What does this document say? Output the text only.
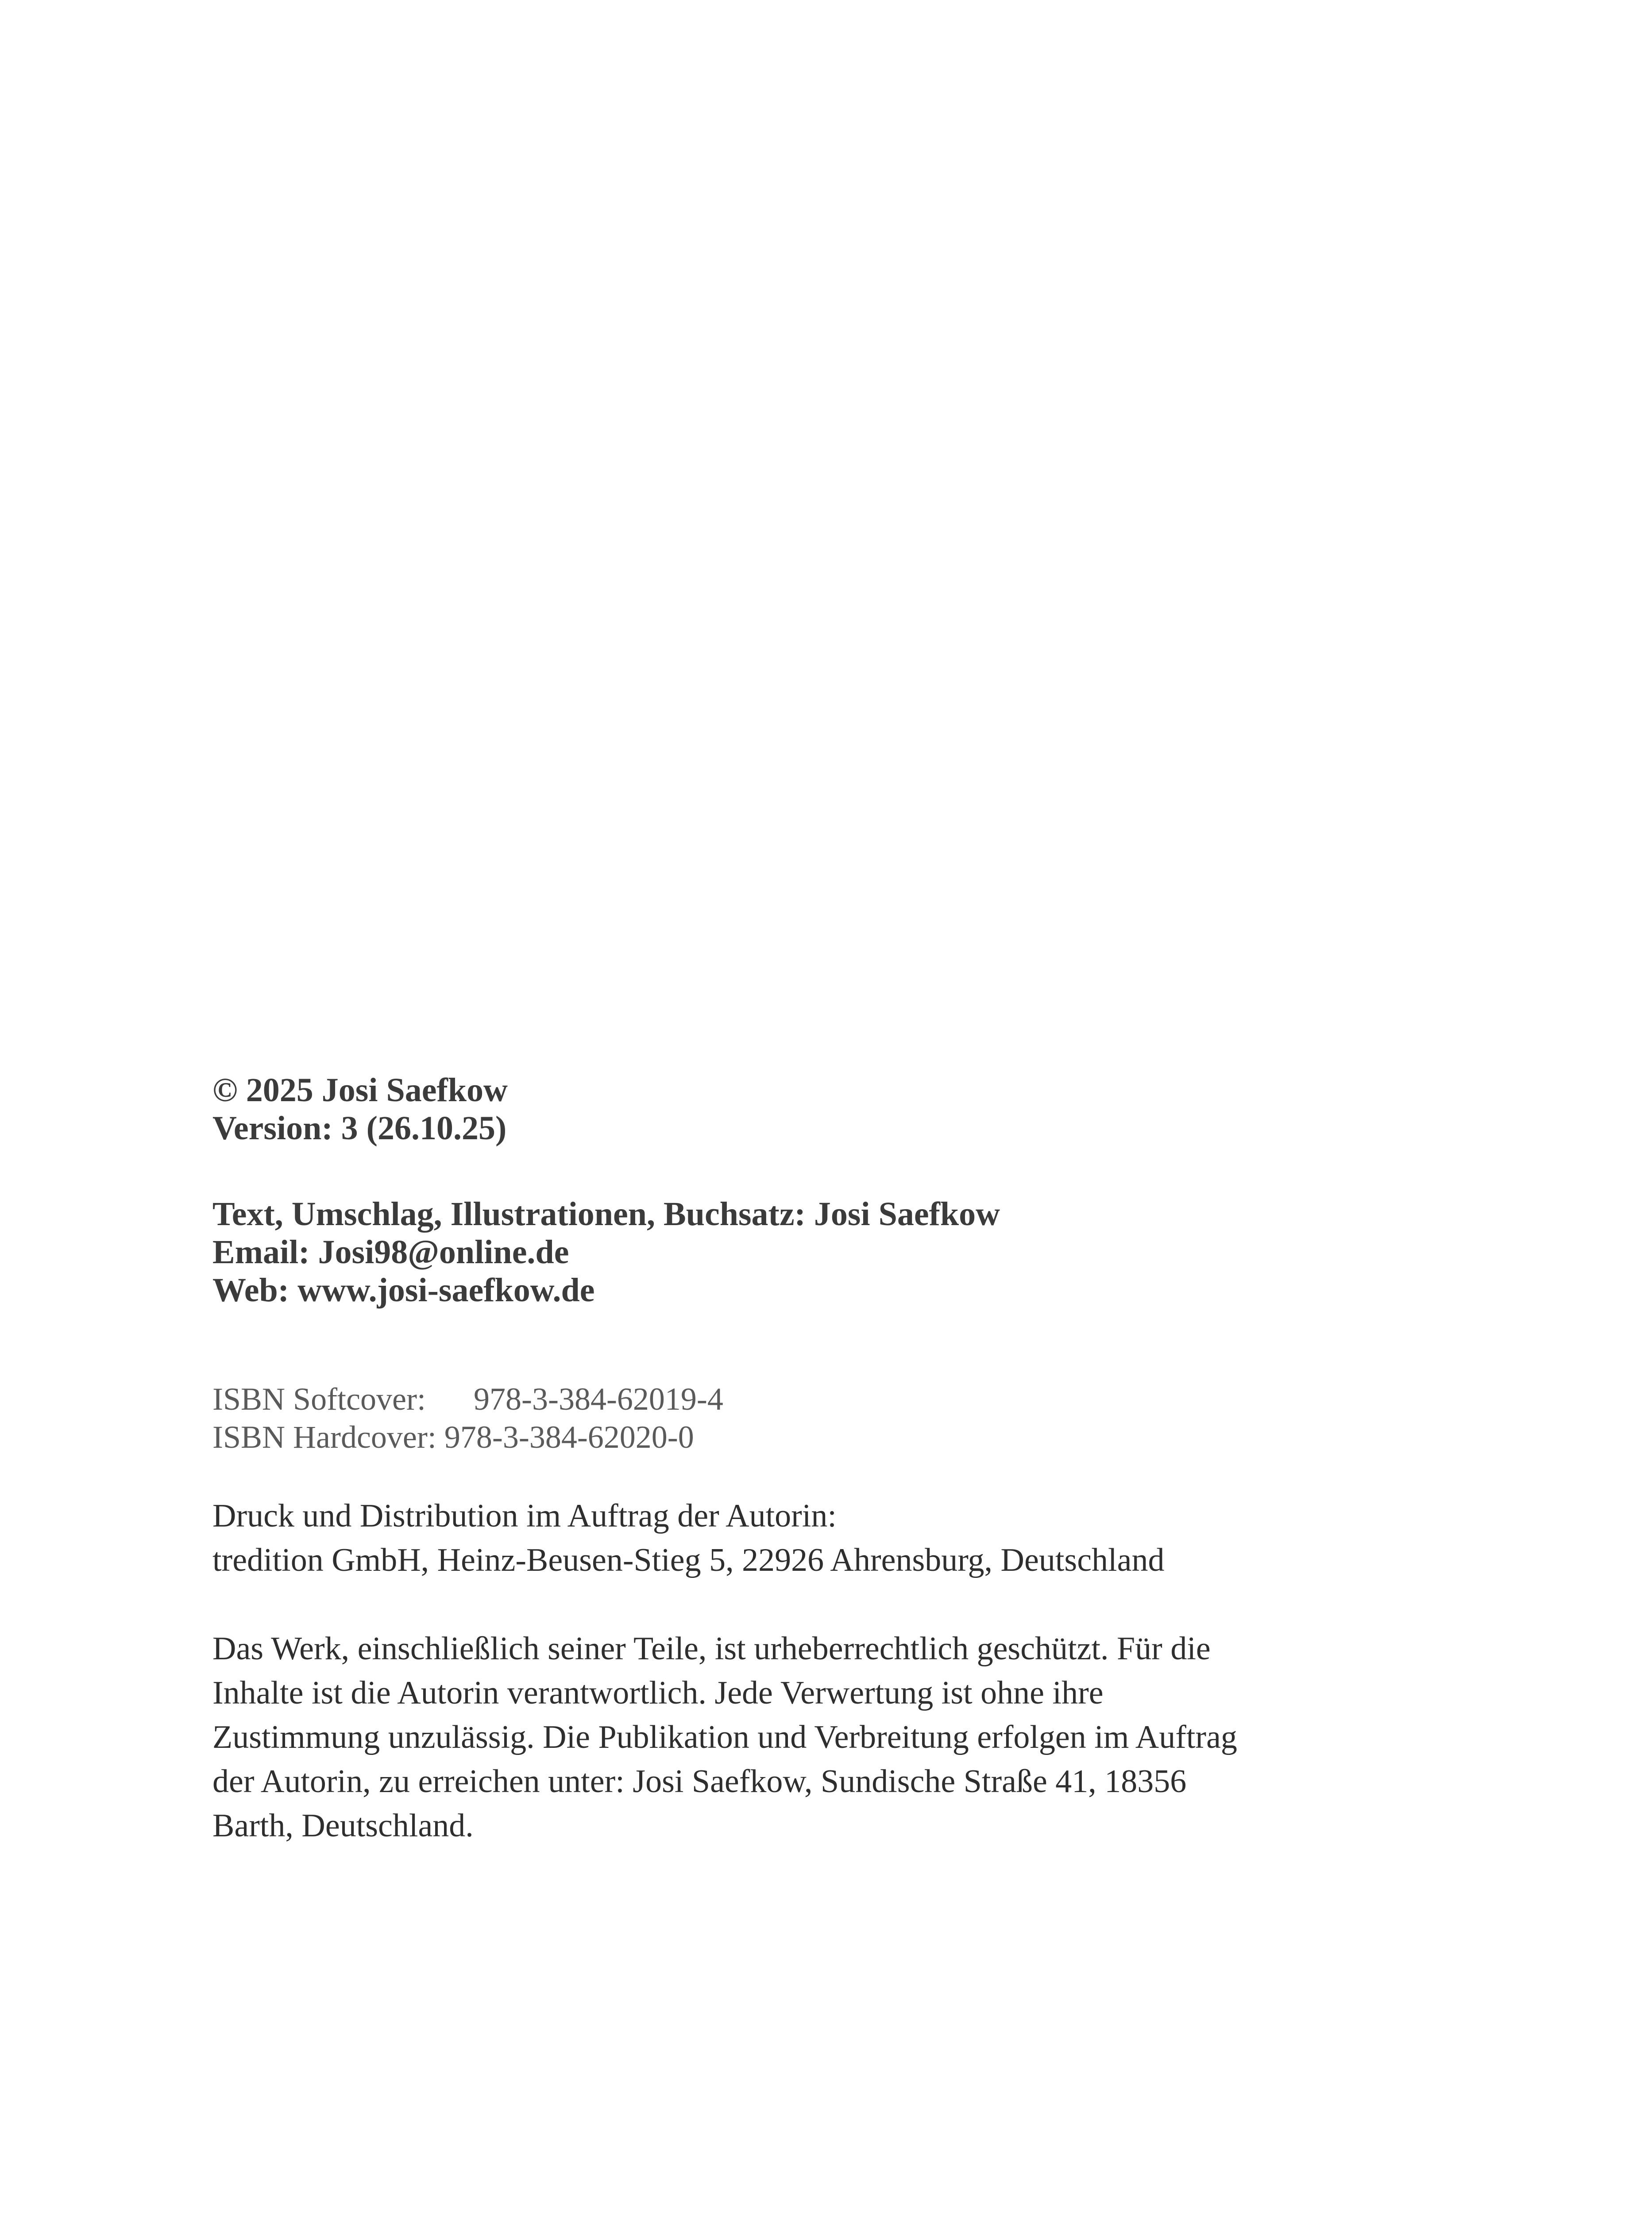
© 2025 Josi Saefkow
Version: 3 (26.10.25)
Text, Umschlag, Illustrationen, Buchsatz: Josi Saefkow
Email: Josi98@online.de
Web: www.josi-saefkow.de
ISBN Softcover: 978-3-384-62019-4
ISBN Hardcover: 978-3-384-62020-0
Druck und Distribution im Auftrag der Autorin:
tredition GmbH, Heinz-Beusen-Stieg 5, 22926 Ahrensburg, Deutschland
Das Werk, einschließlich seiner Teile, ist urheberrechtlich geschützt. Für die
Inhalte ist die Autorin verantwortlich. Jede Verwertung ist ohne ihre
Zustimmung unzulässig. Die Publikation und Verbreitung erfolgen im Auftrag
der Autorin, zu erreichen unter: Josi Saefkow, Sundische Straße 41, 18356
Barth, Deutschland.
